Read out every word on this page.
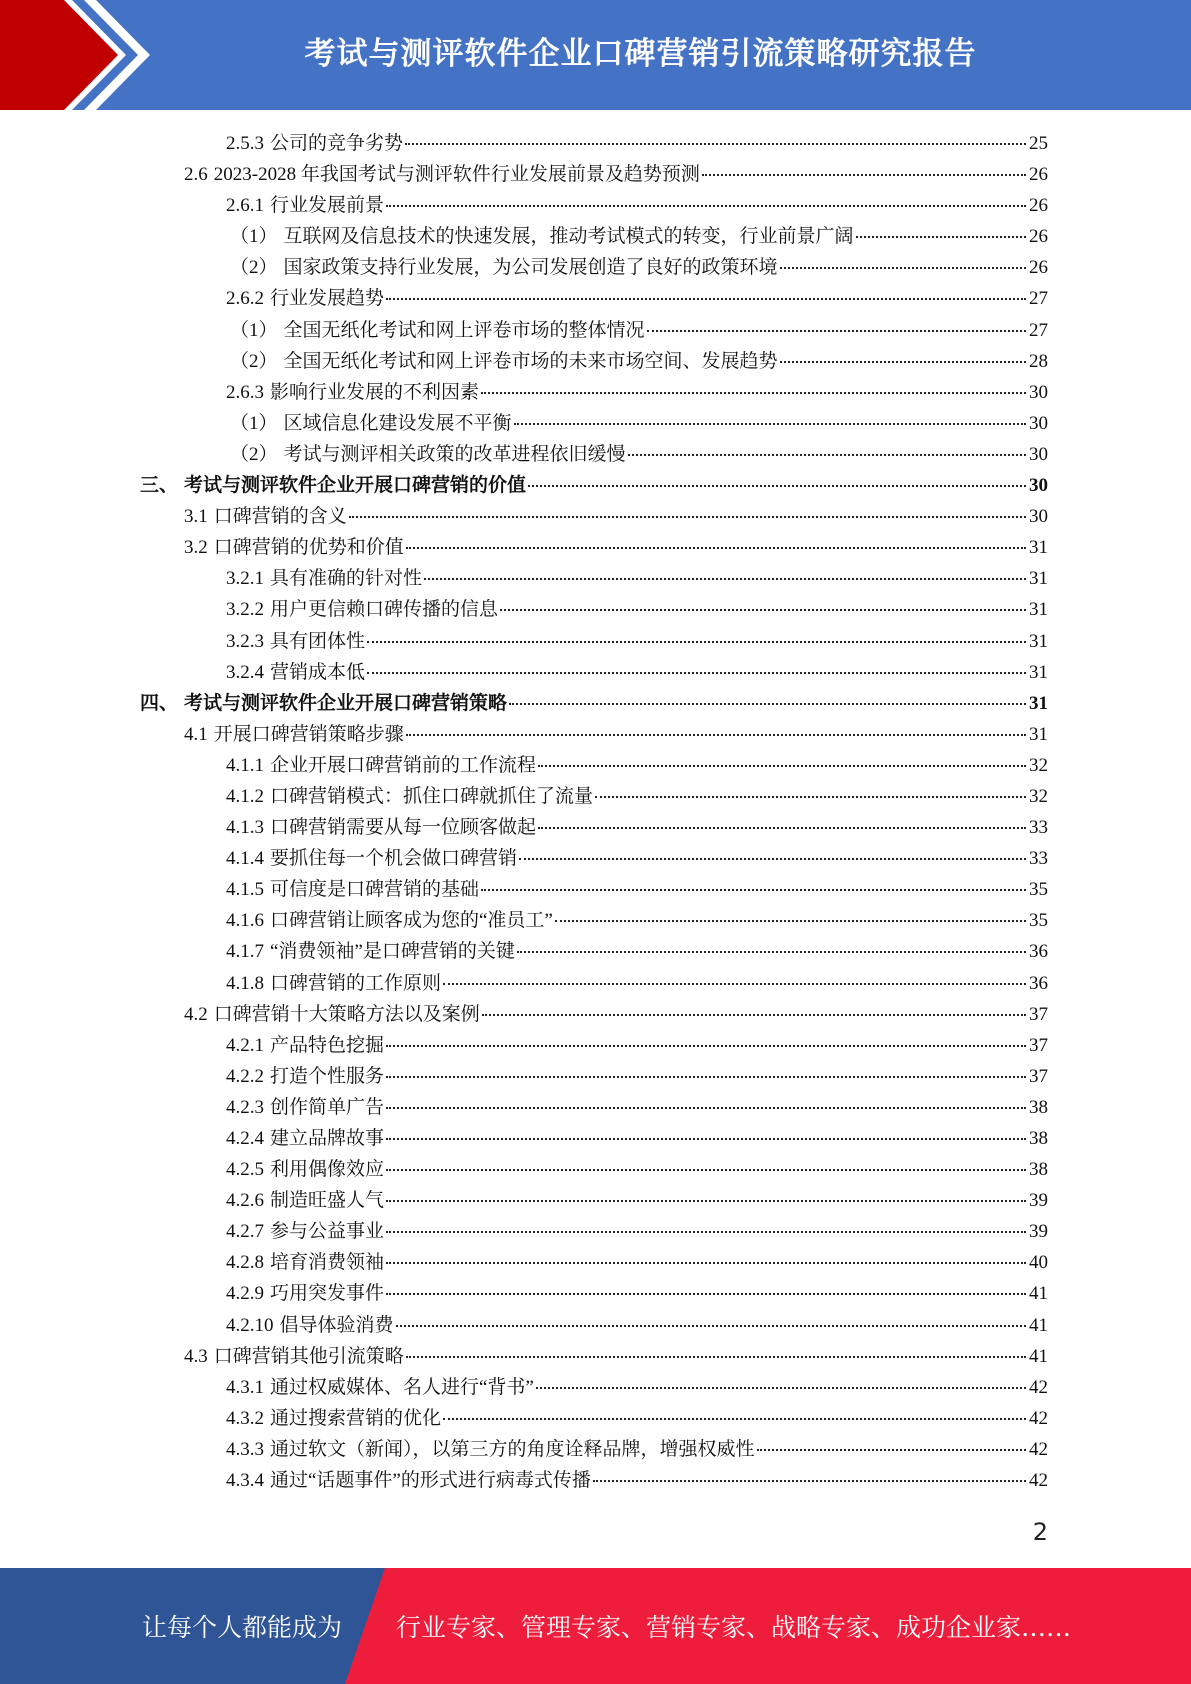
考试与测评软件企业口碑营销引流策略研究报告
2.5.3 公司的竞争劣势	25
2.6 2023-2028 年我国考试与测评软件行业发展前景及趋势预测	26
2.6.1 行业发展前景	26
（1） 互联网及信息技术的快速发展，推动考试模式的转变，行业前景广阔	26
（2） 国家政策支持行业发展，为公司发展创造了良好的政策环境	26
2.6.2 行业发展趋势	27
（1） 全国无纸化考试和网上评卷市场的整体情况	27
（2） 全国无纸化考试和网上评卷市场的未来市场空间、发展趋势	28
2.6.3 影响行业发展的不利因素	30
（1） 区域信息化建设发展不平衡	30
（2） 考试与测评相关政策的改革进程依旧缓慢	30
三、 考试与测评软件企业开展口碑营销的价值	30
3.1 口碑营销的含义	30
3.2 口碑营销的优势和价值	31
3.2.1 具有准确的针对性	31
3.2.2 用户更信赖口碑传播的信息	31
3.2.3 具有团体性	31
3.2.4 营销成本低	31
四、 考试与测评软件企业开展口碑营销策略	31
4.1 开展口碑营销策略步骤	31
4.1.1 企业开展口碑营销前的工作流程	32
4.1.2 口碑营销模式：抓住口碑就抓住了流量	32
4.1.3 口碑营销需要从每一位顾客做起	33
4.1.4 要抓住每一个机会做口碑营销	33
4.1.5 可信度是口碑营销的基础	35
4.1.6 口碑营销让顾客成为您的“准员工”	35
4.1.7 “消费领袖”是口碑营销的关键	36
4.1.8 口碑营销的工作原则	36
4.2 口碑营销十大策略方法以及案例	37
4.2.1 产品特色挖掘	37
4.2.2 打造个性服务	37
4.2.3 创作简单广告	38
4.2.4 建立品牌故事	38
4.2.5 利用偶像效应	38
4.2.6 制造旺盛人气	39
4.2.7 参与公益事业	39
4.2.8 培育消费领袖	40
4.2.9 巧用突发事件	41
4.2.10 倡导体验消费	41
4.3 口碑营销其他引流策略	41
4.3.1 通过权威媒体、名人进行“背书”	42
4.3.2 通过搜索营销的优化	42
4.3.3 通过软文（新闻），以第三方的角度诠释品牌，增强权威性	42
4.3.4 通过“话题事件”的形式进行病毒式传播	42
2
让每个人都能成为 行业专家、管理专家、营销专家、战略专家、成功企业家……
